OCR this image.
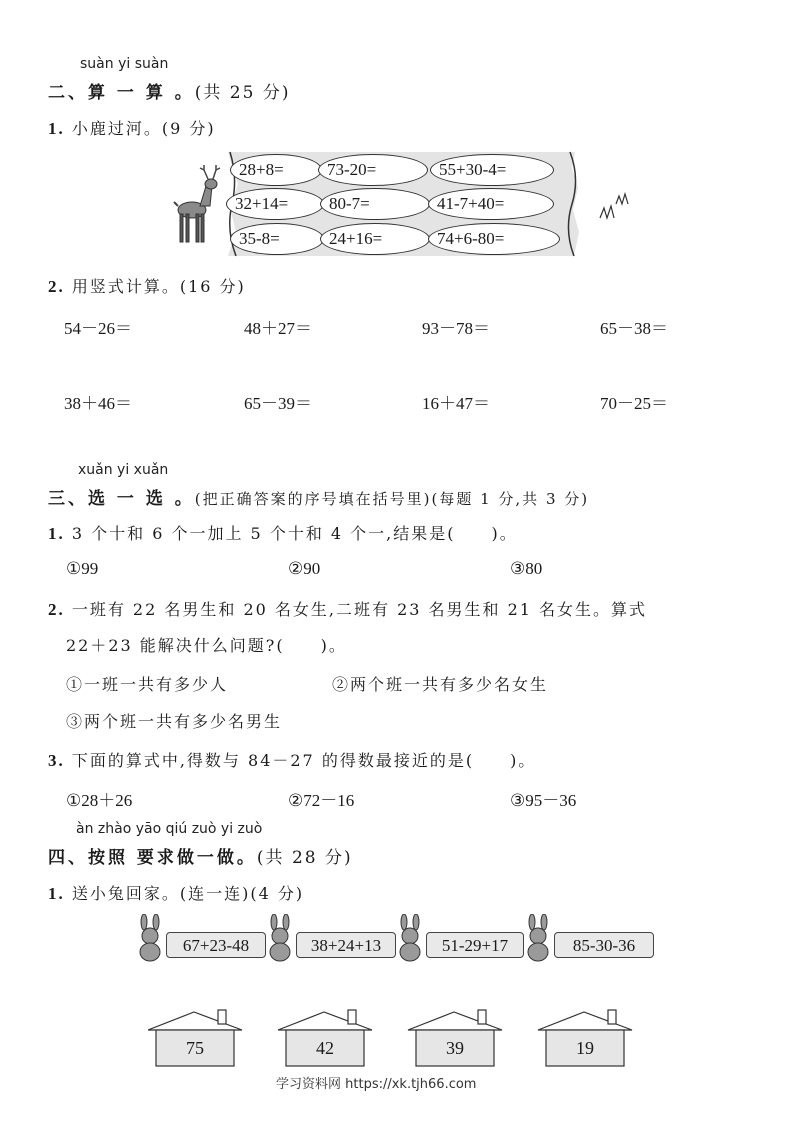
suàn yi suàn
二、算 一 算 。(共 25 分)
1. 小鹿过河。(9 分)
28+8=	73-20=	55+30-4=
32+14=	80-7=	41-7+40=
35-8=	24+16=	74+6-80=
2. 用竖式计算。(16 分)
54－26＝	48＋27＝	93－78＝	65－38＝
38＋46＝	65－39＝	16＋47＝	70－25＝
xuǎn yi xuǎn
三、选 一 选 。(把正确答案的序号填在括号里)(每题 1 分,共 3 分)
1. 3 个十和 6 个一加上 5 个十和 4 个一,结果是(　　)。
①99	②90	③80
2. 一班有 22 名男生和 20 名女生,二班有 23 名男生和 21 名女生。算式
22＋23 能解决什么问题?(　　)。
①一班一共有多少人	②两个班一共有多少名女生
③两个班一共有多少名男生
3. 下面的算式中,得数与 84－27 的得数最接近的是(　　)。
①28＋26	②72－16	③95－36
àn zhào yāo qiú zuò yi zuò
四、按照 要求做一做。(共 28 分)
1. 送小兔回家。(连一连)(4 分)
67+23-48	38+24+13	51-29+17	85-30-36
75	42	39	19
学习资料网 https://xk.tjh66.com
